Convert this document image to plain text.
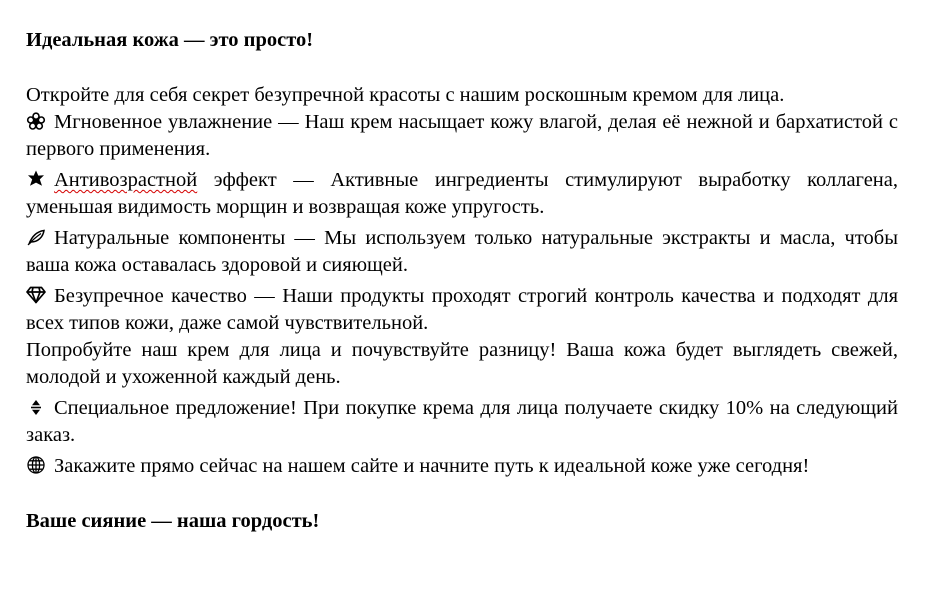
Идеальная кожа — это просто!

Откройте для себя секрет безупречной красоты с нашим роскошным кремом для лица.

Мгновенное увлажнение — Наш крем насыщает кожу влагой, делая её нежной и бархатистой с первого применения.

Антивозрастной эффект — Активные ингредиенты стимулируют выработку коллагена, уменьшая видимость морщин и возвращая коже упругость.

Натуральные компоненты — Мы используем только натуральные экстракты и масла, чтобы ваша кожа оставалась здоровой и сияющей.

Безупречное качество — Наши продукты проходят строгий контроль качества и подходят для всех типов кожи, даже самой чувствительной.

Попробуйте наш крем для лица и почувствуйте разницу! Ваша кожа будет выглядеть свежей, молодой и ухоженной каждый день.

Специальное предложение! При покупке крема для лица получаете скидку 10% на следующий заказ.

Закажите прямо сейчас на нашем сайте и начните путь к идеальной коже уже сегодня!

Ваше сияние — наша гордость!
